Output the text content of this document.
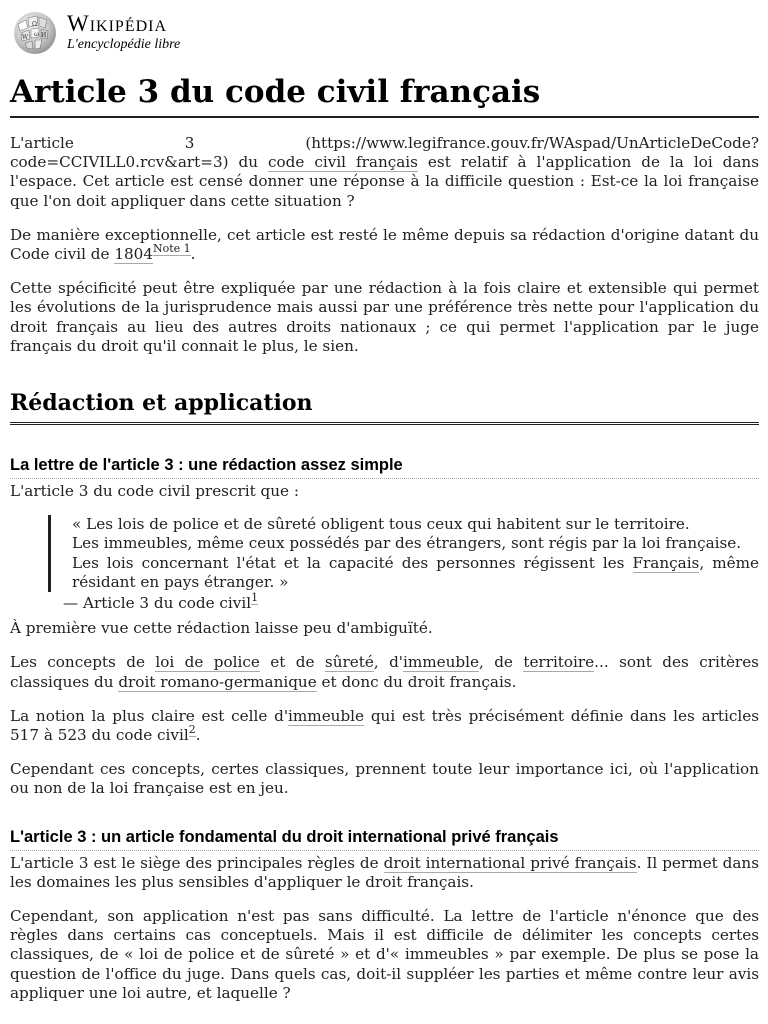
Ω
W И
ω Wikipédia
L'encyclopédie libre
Article 3 du code civil français

L'article 3 (https://www.legifrance.gouv.fr/WAspad/UnArticleDeCode?code=CCIVILL0.rcv&art=3) du code civil français est relatif à l'application de la loi dans l'espace. Cet article est censé donner une réponse à la difficile question : Est-ce la loi française que l'on doit appliquer dans cette situation ?

De manière exceptionnelle, cet article est resté le même depuis sa rédaction d'origine datant du Code civil de $1804^{Note 1}$.

Cette spécificité peut être expliquée par une rédaction à la fois claire et extensible qui permet les évolutions de la jurisprudence mais aussi par une préférence très nette pour l'application du droit français au lieu des autres droits nationaux ; ce qui permet l'application par le juge français du droit qu'il connait le plus, le sien.

Rédaction et application
La lettre de l'article 3 : une rédaction assez simple

L'article 3 du code civil prescrit que :

« Les lois de police et de sûreté obligent tous ceux qui habitent sur le territoire.

Les immeubles, même ceux possédés par des étrangers, sont régis par la loi française.

Les lois concernant l'état et la capacité des personnes régissent les Français, même résidant en pays étranger. »

— Article 3 du code civil$^1$

À première vue cette rédaction laisse peu d'ambiguïté.

Les concepts de loi de police et de sûreté, d'immeuble, de territoire... sont des critères classiques du droit romano-germanique et donc du droit français.

La notion la plus claire est celle d'immeuble qui est très précisément définie dans les articles 517 à 523 du code civil$^2$.

Cependant ces concepts, certes classiques, prennent toute leur importance ici, où l'application ou non de la loi française est en jeu.

L'article 3 : un article fondamental du droit international privé français

L'article 3 est le siège des principales règles de droit international privé français. Il permet dans les domaines les plus sensibles d'appliquer le droit français.

Cependant, son application n'est pas sans difficulté. La lettre de l'article n'énonce que des règles dans certains cas conceptuels. Mais il est difficile de délimiter les concepts certes classiques, de « loi de police et de sûreté » et d'« immeubles » par exemple. De plus se pose la question de l'office du juge. Dans quels cas, doit-il suppléer les parties et même contre leur avis appliquer une loi autre, et laquelle ?
